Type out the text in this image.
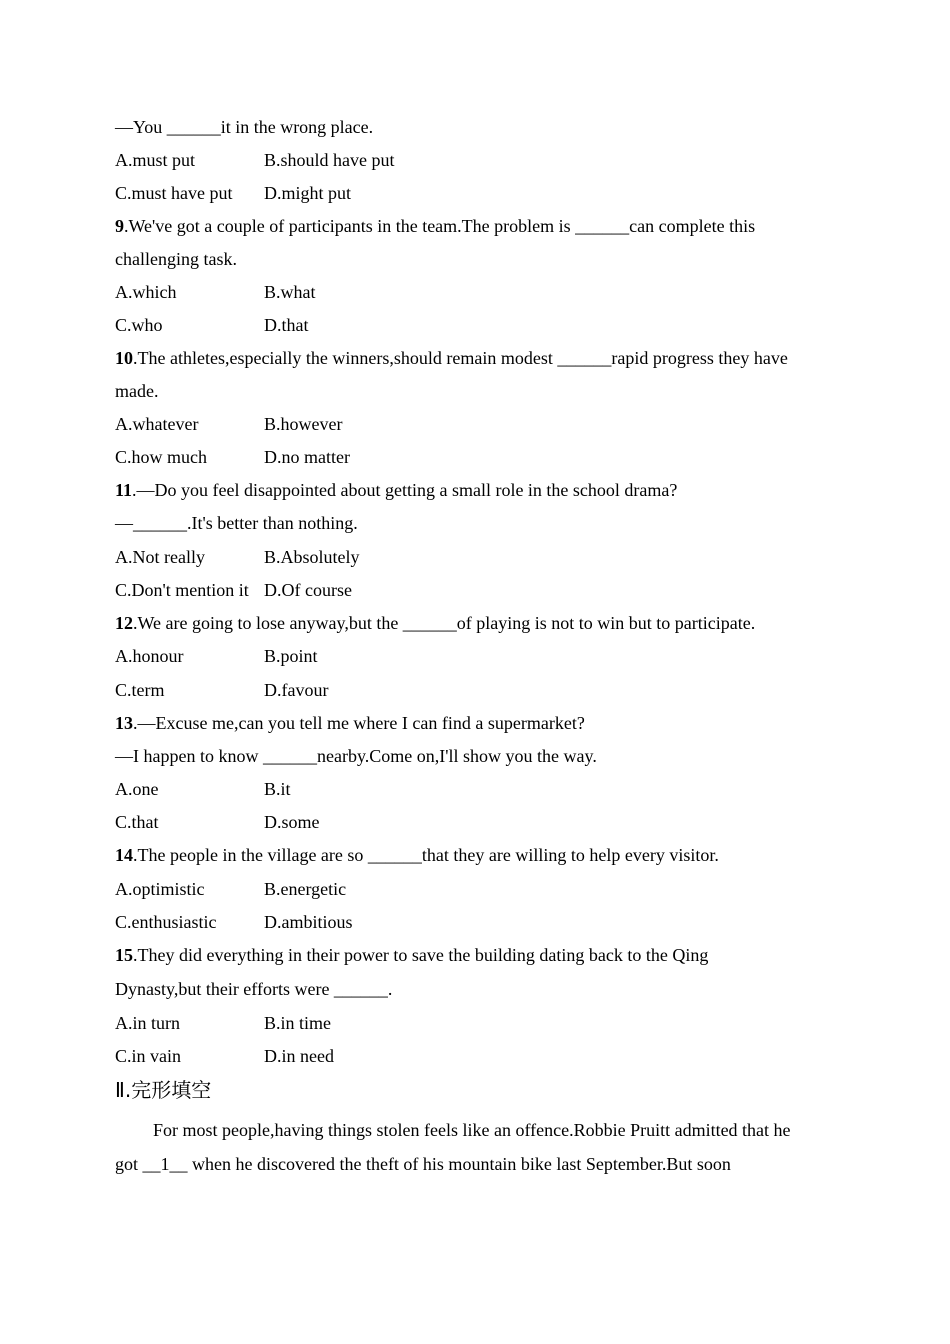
—You ______it in the wrong place.
A.must put	B.should have put
C.must have put D.might put
9.We've got a couple of participants in the team.The problem is ______can complete this
challenging task.
A.which	B.what
C.who	D.that
10.The athletes,especially the winners,should remain modest ______rapid progress they have
made.
A.whatever	B.however
C.how much	D.no matter
11.—Do you feel disappointed about getting a small role in the school drama?
—______.It's better than nothing.
A.Not really	B.Absolutely
C.Don't mention it D.Of course
12.We are going to lose anyway,but the ______of playing is not to win but to participate.
A.honour	B.point
C.term	D.favour
13.—Excuse me,can you tell me where I can find a supermarket?
—I happen to know ______nearby.Come on,I'll show you the way.
A.one	B.it
C.that	D.some
14.The people in the village are so ______that they are willing to help every visitor.
A.optimistic	B.energetic
C.enthusiastic	D.ambitious
15.They did everything in their power to save the building dating back to the Qing
Dynasty,but their efforts were ______.
A.in turn	B.in time
C.in vain	D.in need
Ⅱ.完形填空
For most people,having things stolen feels like an offence.Robbie Pruitt admitted that he
got __1__ when he discovered the theft of his mountain bike last September.But soon
